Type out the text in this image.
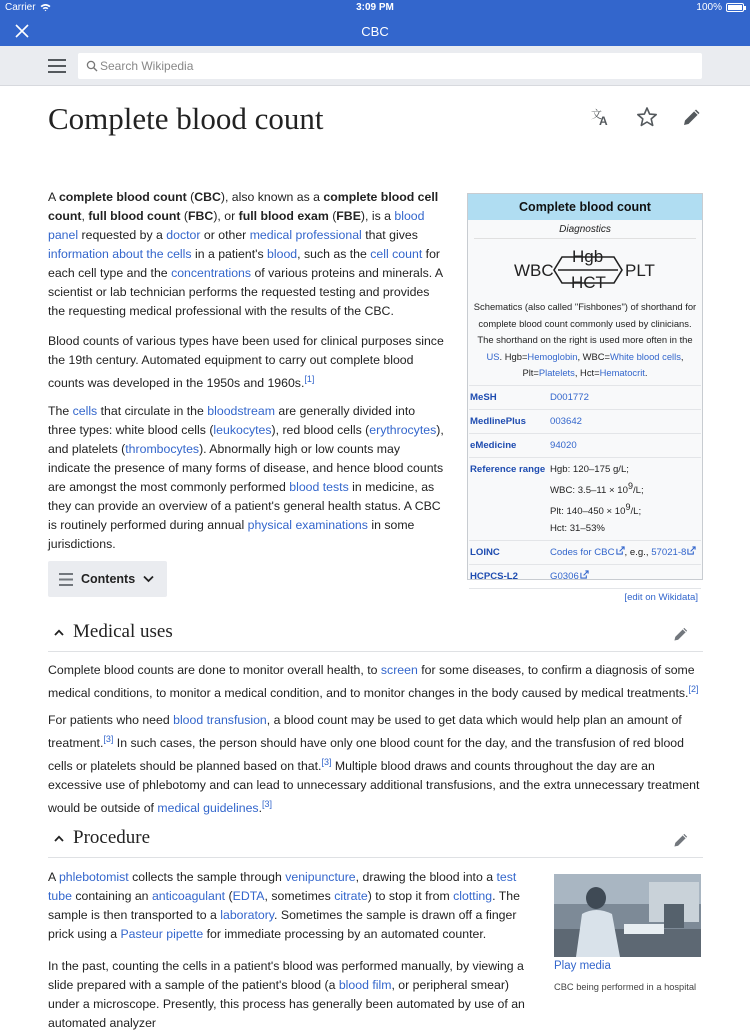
Carrier	3:09 PM	100%
CBC
Search Wikipedia
Complete blood count	文
A
A complete blood count (CBC), also known as a complete blood cell count, full blood count (FBC), or full blood exam (FBE), is a blood panel requested by a doctor or other medical professional that gives information about the cells in a patient's blood, such as the cell count for each cell type and the concentrations of various proteins and minerals. A scientist or lab technician performs the requested testing and provides the requesting medical professional with the results of the CBC.
Blood counts of various types have been used for clinical purposes since the 19th century. Automated equipment to carry out complete blood counts was developed in the 1950s and 1960s.[1]
The cells that circulate in the bloodstream are generally divided into three types: white blood cells (leukocytes), red blood cells (erythrocytes), and platelets (thrombocytes). Abnormally high or low counts may indicate the presence of many forms of disease, and hence blood counts are amongst the most commonly performed blood tests in medicine, as they can provide an overview of a patient's general health status. A CBC is routinely performed during annual physical examinations in some jurisdictions.
Complete blood count
Diagnostics
WBC
Hgb
HCT
PLT
Schematics (also called "Fishbones") of shorthand for complete blood count commonly used by clinicians. The shorthand on the right is used more often in the US. Hgb=Hemoglobin, WBC=White blood cells, Plt=Platelets, Hct=Hematocrit.
MeSH	D001772
MedlinePlus	003642
eMedicine	94020
Reference range Hgb: 120–175 g/L;
WBC: $3.5-11 \times 10^9/L$;
Plt: $140-450 \times 10^9/L$;
Hct: 31–53%
LOINC	Codes for CBC , e.g., 57021-8
HCPCS-L2	G0306
[edit on Wikidata]
Contents
Medical uses
Complete blood counts are done to monitor overall health, to screen for some diseases, to confirm a diagnosis of some medical conditions, to monitor a medical condition, and to monitor changes in the body caused by medical treatments.[2]
For patients who need blood transfusion, a blood count may be used to get data which would help plan an amount of treatment.[3] In such cases, the person should have only one blood count for the day, and the transfusion of red blood cells or platelets should be planned based on that.[3] Multiple blood draws and counts throughout the day are an excessive use of phlebotomy and can lead to unnecessary additional transfusions, and the extra unnecessary treatment would be outside of medical guidelines.[3]
Procedure
A phlebotomist collects the sample through venipuncture, drawing the blood into a test tube containing an anticoagulant (EDTA, sometimes citrate) to stop it from clotting. The sample is then transported to a laboratory. Sometimes the sample is drawn off a finger prick using a Pasteur pipette for immediate processing by an automated counter.
In the past, counting the cells in a patient's blood was performed manually, by viewing a slide prepared with a sample of the patient's blood (a blood film, or peripheral smear) under a microscope. Presently, this process has generally been automated by use of an automated analyzer
Play media
CBC being performed in a hospital
